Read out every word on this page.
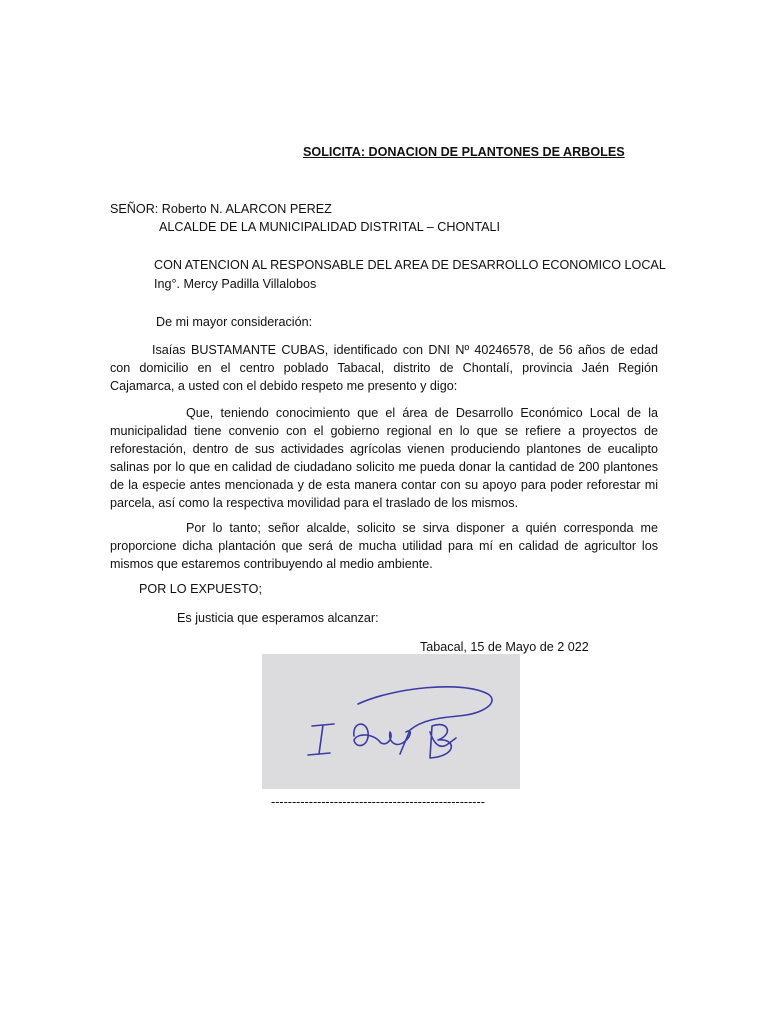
SOLICITA: DONACION DE PLANTONES DE ARBOLES
SEÑOR: Roberto N. ALARCON PEREZ
ALCALDE DE LA MUNICIPALIDAD DISTRITAL – CHONTALI
CON ATENCION AL RESPONSABLE DEL AREA DE DESARROLLO ECONOMICO LOCAL
Ing°. Mercy Padilla Villalobos
De mi mayor consideración:
Isaías BUSTAMANTE CUBAS, identificado con DNI Nº 40246578, de 56 años de edad con domicilio en el centro poblado Tabacal, distrito de Chontalí, provincia Jaén Región Cajamarca, a usted con el debido respeto me presento y digo:
Que, teniendo conocimiento que el área de Desarrollo Económico Local de la municipalidad tiene convenio con el gobierno regional en lo que se refiere a proyectos de reforestación, dentro de sus actividades agrícolas vienen produciendo plantones de eucalipto salinas por lo que en calidad de ciudadano solicito me pueda donar la cantidad de 200 plantones de la especie antes mencionada y de esta manera contar con su apoyo para poder reforestar mi parcela, así como la respectiva movilidad para el traslado de los mismos.
Por lo tanto; señor alcalde, solicito se sirva disponer a quién corresponda me proporcione dicha plantación que será de mucha utilidad para mí en calidad de agricultor los mismos que estaremos contribuyendo al medio ambiente.
POR LO EXPUESTO;
Es justicia que esperamos alcanzar:
Tabacal, 15 de Mayo de 2 022
---------------------------------------------------
